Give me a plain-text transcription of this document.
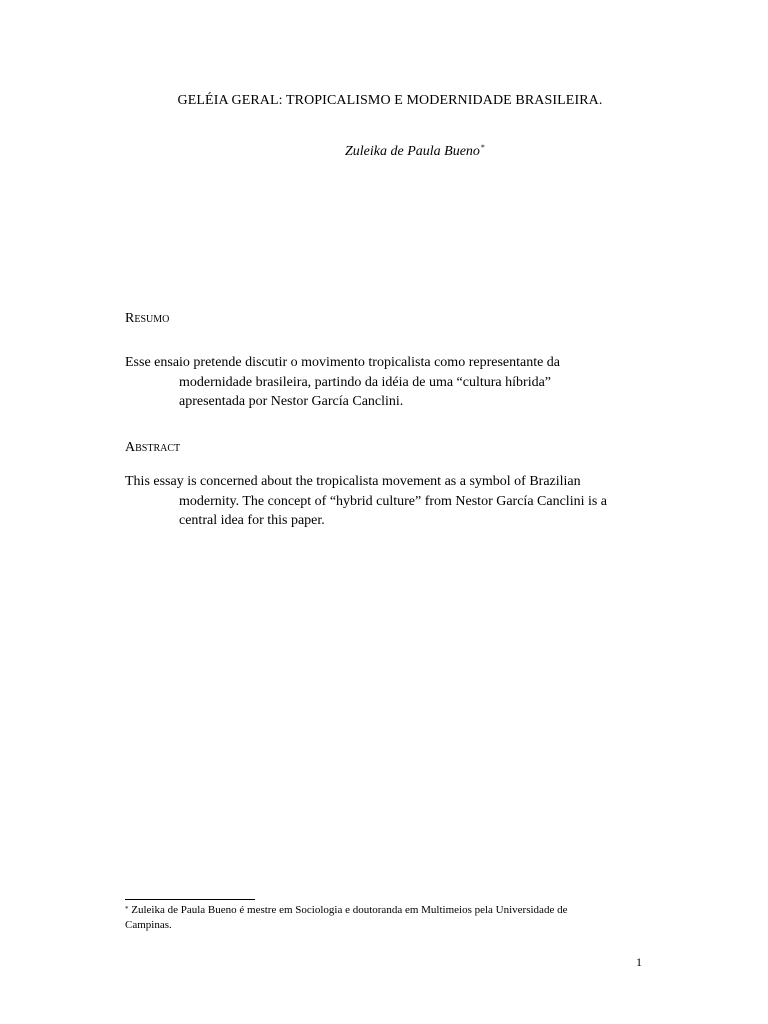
GELÉIA GERAL: TROPICALISMO E MODERNIDADE BRASILEIRA.
Zuleika de Paula Bueno*
Resumo
Esse ensaio pretende discutir o movimento tropicalista como representante da
modernidade brasileira, partindo da idéia de uma “cultura híbrida”
apresentada por Nestor García Canclini.
Abstract
This essay is concerned about the tropicalista movement as a symbol of Brazilian
modernity. The concept of “hybrid culture” from Nestor García Canclini is a
central idea for this paper.
* Zuleika de Paula Bueno é mestre em Sociologia e doutoranda em Multimeios pela Universidade de
Campinas.
1
